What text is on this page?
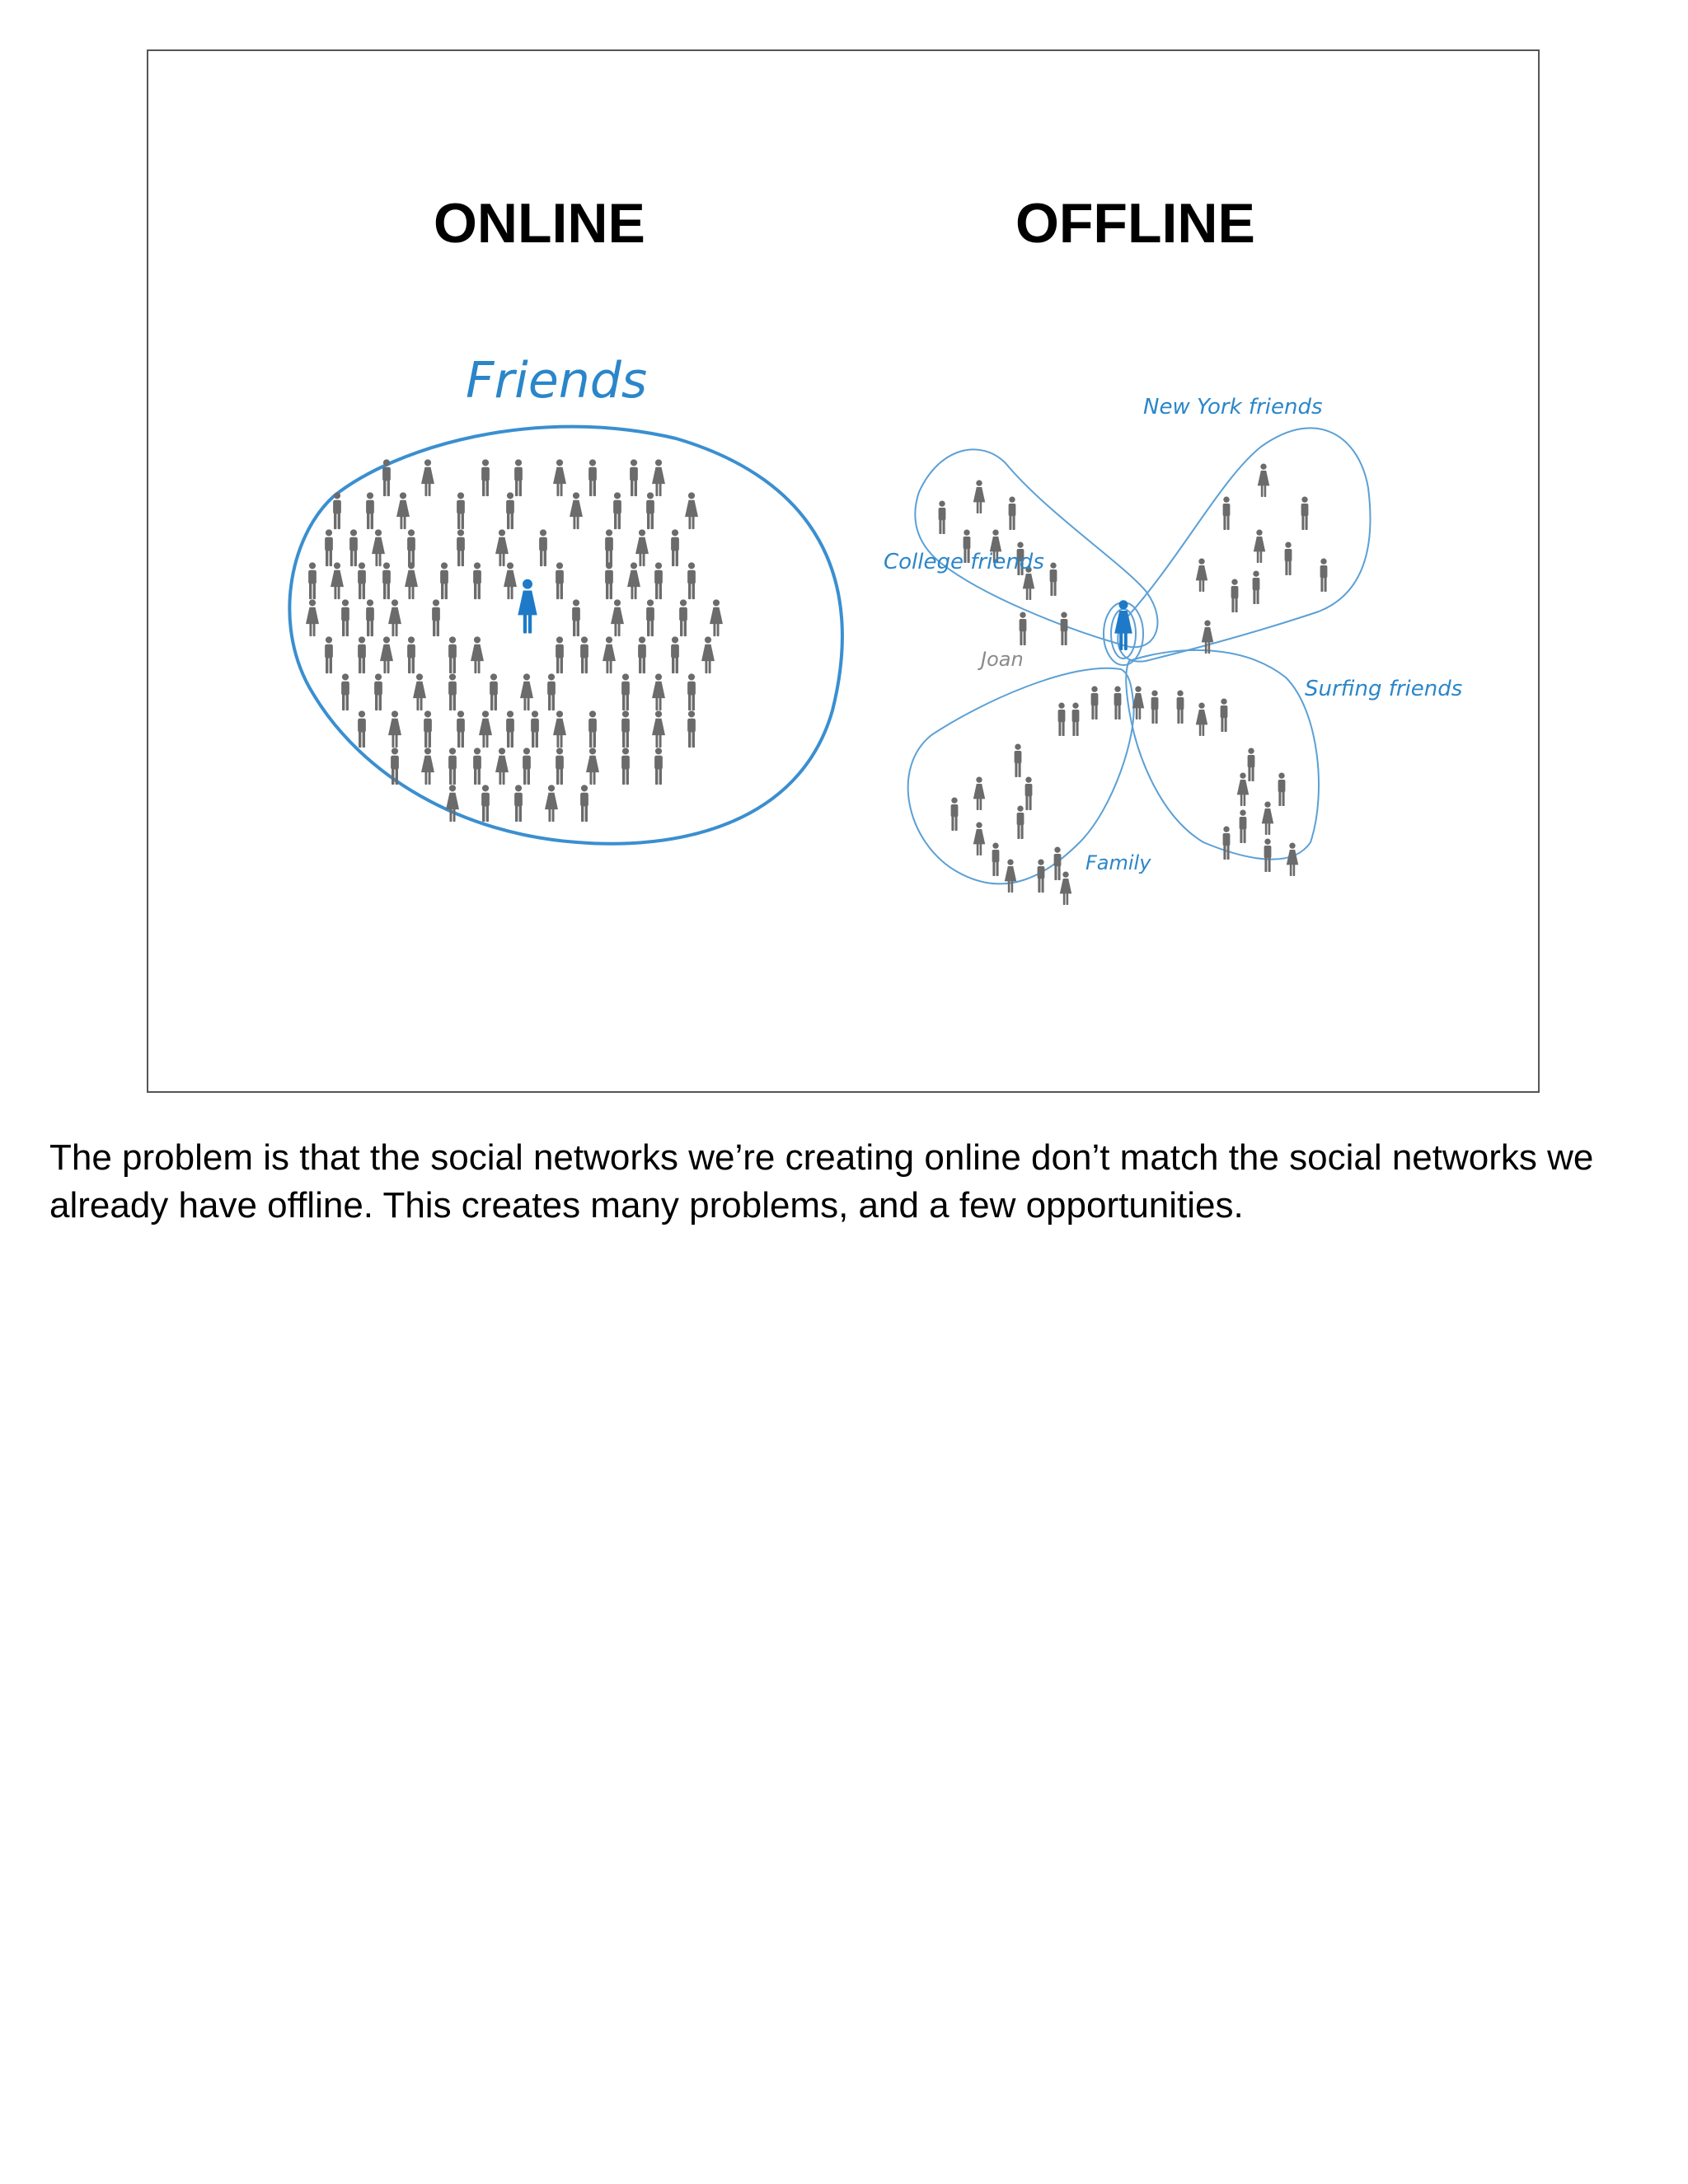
ONLINE	OFFLINE
Friends	New York friends
College friends
Surfing friends
Family
Joan
The problem is that the social networks we’re creating online don’t match the social networks we already have offline. This creates many problems, and a few opportunities.
